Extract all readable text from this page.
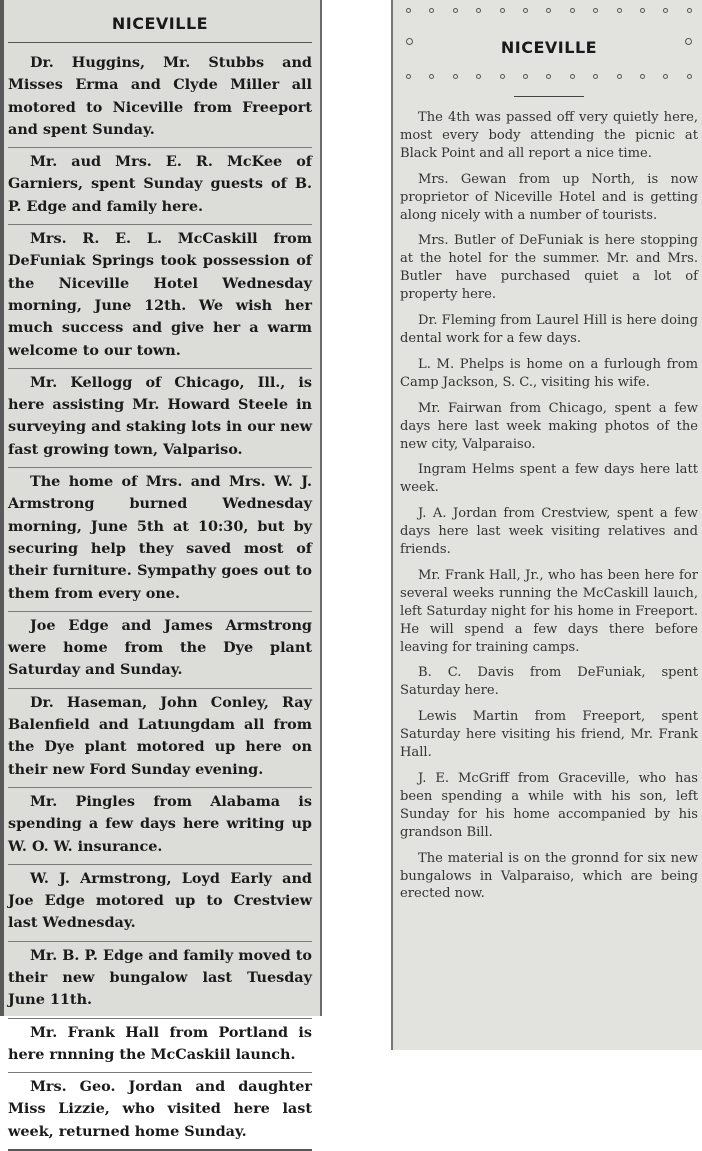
NICEVILLE

Dr. Huggins, Mr. Stubbs and Misses Erma and Clyde Miller all motored to Niceville from Freeport and spent Sunday.

Mr. aud Mrs. E. R. McKee of Garniers, spent Sunday guests of B. P. Edge and family here.

Mrs. R. E. L. McCaskill from DeFuniak Springs took possession of the Niceville Hotel Wednesday morning, June 12th. We wish her much success and give her a warm welcome to our town.

Mr. Kellogg of Chicago, Ill., is here assisting Mr. Howard Steele in surveying and staking lots in our new fast growing town, Valpariso.

The home of Mrs. and Mrs. W. J. Armstrong burned Wednesday morning, June 5th at 10:30, but by securing help they saved most of their furniture. Sympathy goes out to them from every one.

Joe Edge and James Armstrong were home from the Dye plant Saturday and Sunday.

Dr. Haseman, John Conley, Ray Balenfield and Latıungdam all from the Dye plant motored up here on their new Ford Sunday evening.

Mr. Pingles from Alabama is spending a few days here writing up W. O. W. insurance.

W. J. Armstrong, Loyd Early and Joe Edge motored up to Crestview last Wednesday.

Mr. B. P. Edge and family moved to their new bungalow last Tuesday June 11th.

Mr. Frank Hall from Portland is here rnnning the McCaskiil launch.

Mrs. Geo. Jordan and daughter Miss Lizzie, who visited here last week, returned home Sunday.

NICEVILLE

The 4th was passed off very quietly here, most every body attending the picnic at Black Point and all report a nice time.

Mrs. Gewan from up North, is now proprietor of Niceville Hotel and is getting along nicely with a number of tourists.

Mrs. Butler of DeFuniak is here stopping at the hotel for the summer. Mr. and Mrs. Butler have purchased quiet a lot of property here.

Dr. Fleming from Laurel Hill is here doing dental work for a few days.

L. M. Phelps is home on a furlough from Camp Jackson, S. C., visiting his wife.

Mr. Fairwan from Chicago, spent a few days here last week making photos of the new city, Valparaiso.

Ingram Helms spent a few days here latt week.

J. A. Jordan from Crestview, spent a few days here last week visiting relatives and friends.

Mr. Frank Hall, Jr., who has been here for several weeks running the McCaskill lauıch, left Saturday night for his home in Freeport. He will spend a few days there before leaving for training camps.

B. C. Davis from DeFuniak, spent Saturday here.

Lewis Martin from Freeport, spent Saturday here visiting his friend, Mr. Frank Hall.

J. E. McGriff from Graceville, who has been spending a while with his son, left Sunday for his home accompanied by his grandson Bill.

The material is on the gronnd for six new bungalows in Valparaiso, which are being erected now.
